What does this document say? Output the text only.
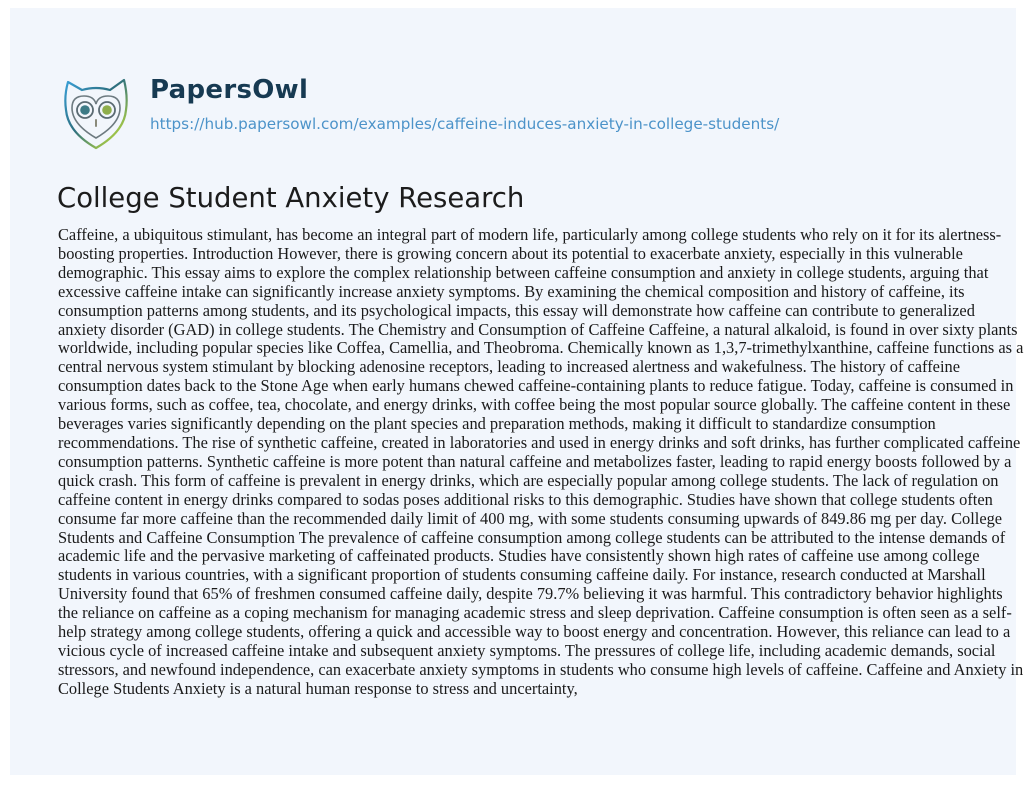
PapersOwl
https://hub.papersowl.com/examples/caffeine-induces-anxiety-in-college-students/
College Student Anxiety Research

Caffeine, a ubiquitous stimulant, has become an integral part of modern life, particularly among college students who rely on it for its alertness-boosting properties. Introduction However, there is growing concern about its potential to exacerbate anxiety, especially in this vulnerable demographic. This essay aims to explore the complex relationship between caffeine consumption and anxiety in college students, arguing that excessive caffeine intake can significantly increase anxiety symptoms. By examining the chemical composition and history of caffeine, its consumption patterns among students, and its psychological impacts, this essay will demonstrate how caffeine can contribute to generalized anxiety disorder (GAD) in college students. The Chemistry and Consumption of Caffeine Caffeine, a natural alkaloid, is found in over sixty plants worldwide, including popular species like Coffea, Camellia, and Theobroma. Chemically known as 1,3,7-trimethylxanthine, caffeine functions as a central nervous system stimulant by blocking adenosine receptors, leading to increased alertness and wakefulness. The history of caffeine consumption dates back to the Stone Age when early humans chewed caffeine-containing plants to reduce fatigue. Today, caffeine is consumed in various forms, such as coffee, tea, chocolate, and energy drinks, with coffee being the most popular source globally. The caffeine content in these beverages varies significantly depending on the plant species and preparation methods, making it difficult to standardize consumption recommendations. The rise of synthetic caffeine, created in laboratories and used in energy drinks and soft drinks, has further complicated caffeine consumption patterns. Synthetic caffeine is more potent than natural caffeine and metabolizes faster, leading to rapid energy boosts followed by a quick crash. This form of caffeine is prevalent in energy drinks, which are especially popular among college students. The lack of regulation on caffeine content in energy drinks compared to sodas poses additional risks to this demographic. Studies have shown that college students often consume far more caffeine than the recommended daily limit of 400 mg, with some students consuming upwards of 849.86 mg per day. College Students and Caffeine Consumption The prevalence of caffeine consumption among college students can be attributed to the intense demands of academic life and the pervasive marketing of caffeinated products. Studies have consistently shown high rates of caffeine use among college students in various countries, with a significant proportion of students consuming caffeine daily. For instance, research conducted at Marshall University found that 65% of freshmen consumed caffeine daily, despite 79.7% believing it was harmful. This contradictory behavior highlights the reliance on caffeine as a coping mechanism for managing academic stress and sleep deprivation. Caffeine consumption is often seen as a self-help strategy among college students, offering a quick and accessible way to boost energy and concentration. However, this reliance can lead to a vicious cycle of increased caffeine intake and subsequent anxiety symptoms. The pressures of college life, including academic demands, social stressors, and newfound independence, can exacerbate anxiety symptoms in students who consume high levels of caffeine. Caffeine and Anxiety in College Students Anxiety is a natural human response to stress and uncertainty,
